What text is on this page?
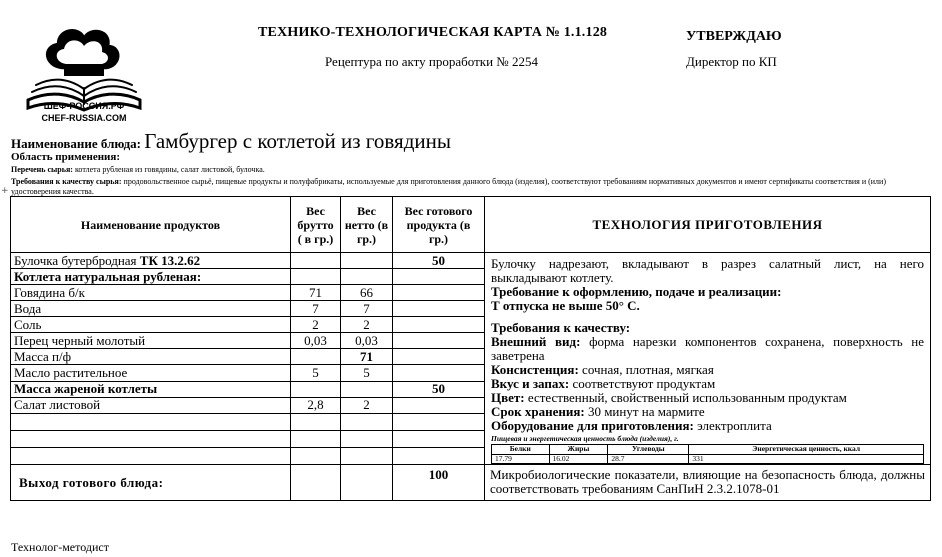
ШЕФ-РОССИЯ.РФ
CHEF-RUSSIA.COM
ТЕХНИКО-ТЕХНОЛОГИЧЕСКАЯ КАРТА № 1.1.128
Рецептура по акту проработки № 2254
УТВЕРЖДАЮ
Директор по КП
Наименование блюда: Гамбургер с котлетой из говядины
Область применения:
Перечень сырья: котлета рубленая из говядины, салат листовой, булочка.
Требования к качеству сырья: продовольственное сырьё, пищевые продукты и полуфабрикаты, используемые для приготовления данного блюда (изделия), соответствуют требованиям нормативных документов и имеют сертификаты соответствия и (или) удостоверения качества.
+
Наименование продуктов	Вес брутто ( в гр.)	Вес нетто (в гр.)	Вес готового продукта (в гр.)	ТЕХНОЛОГИЯ ПРИГОТОВЛЕНИЯ
Булочка бутербродная ТК 13.2.62			50	Булочку надрезают, вкладывают в разрез салатный лист, на него выкладывают котлету.

Требование к оформлению, подаче и реализации:

Т отпуска не выше 50° С.

Требования к качеству:

Внешний вид: форма нарезки компонентов сохранена, поверхность не заветрена

Консистенция: сочная, плотная, мягкая

Вкус и запах: соответствуют продуктам

Цвет: естественный, свойственный использованным продуктам

Срок хранения: 30 минут на мармите

Оборудование для приготовления: электроплита

Пищевая и энергетическая ценность блюда (изделия), г.
Белки	Жиры	Углеводы	Энергетическая ценность, ккал
17.79	16.02	28.7	331

Котлета натуральная рубленая:			
Говядина б/к	71	66	
Вода	7	7	
Соль	2	2	
Перец черный молотый	0,03	0,03	
Масса п/ф		71	
Масло растительное	5	5	
Масса жареной котлеты			50
Салат листовой	2,8	2	

Выход готового блюда:			100	Микробиологические показатели, влияющие на безопасность блюда, должны соответствовать требованиям СанПиН 2.3.2.1078-01
Технолог-методист
